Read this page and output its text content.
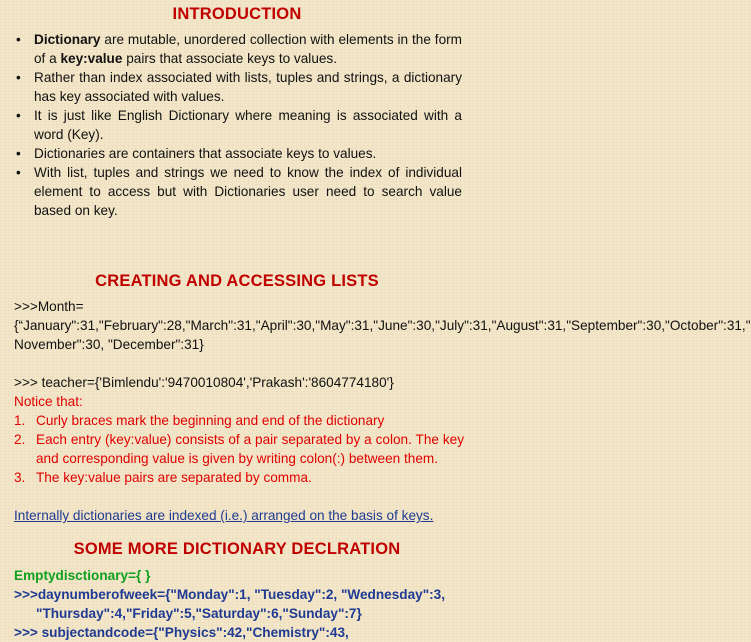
INTRODUCTION
• Dictionary are mutable, unordered collection with elements in the form of a key:value pairs that associate keys to values.
• Rather than index associated with lists, tuples and strings, a dictionary has key associated with values.
• It is just like English Dictionary where meaning is associated with a word (Key).
• Dictionaries are containers that associate keys to values.
• With list, tuples and strings we need to know the index of individual element to access but with Dictionaries user need to search value based on key.
CREATING AND ACCESSING LISTS

>>>Month={“January":31,"February":28,"March":31,"April":30,"May":31,"June":30,"July":31,"August":31,"September":30,"October":31," November":30, "December":31}

>>> teacher={'Bimlendu':'9470010804','Prakash':'8604774180'}

Notice that:

1. Curly braces mark the beginning and end of the dictionary
2. Each entry (key:value) consists of a pair separated by a colon. The key and corresponding value is given by writing colon(:) between them.
3. The key:value pairs are separated by comma.

Internally dictionaries are indexed (i.e.) arranged on the basis of keys.

SOME MORE DICTIONARY DECLRATION

Emptydisctionary={ }

>>>daynumberofweek={"Monday":1, "Tuesday":2, "Wednesday":3,
"Thursday":4,"Friday":5,"Saturday":6,"Sunday":7}

>>> subjectandcode={"Physics":42,"Chemistry":43,
